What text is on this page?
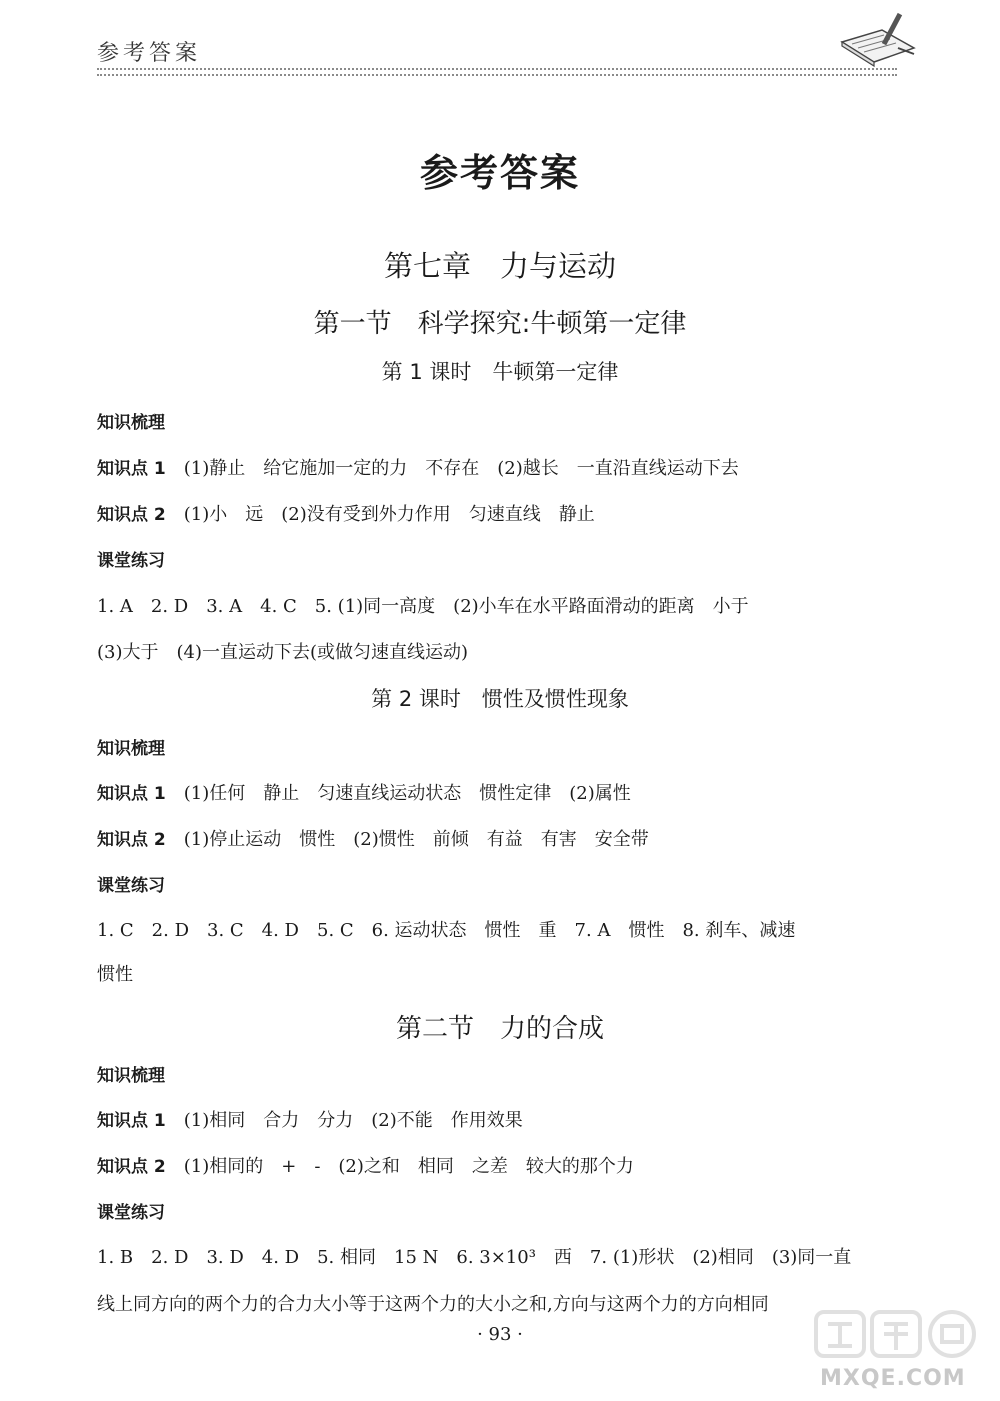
参考答案
参考答案
第七章　力与运动
第一节　科学探究:牛顿第一定律
第 1 课时　牛顿第一定律
知识梳理
知识点 1　 (1)静止　给它施加一定的力　不存在　(2)越长　一直沿直线运动下去
知识点 2　 (1)小　远　(2)没有受到外力作用　匀速直线　静止
课堂练习
1. A　2. D　3. A　4. C　5. (1)同一高度　(2)小车在水平路面滑动的距离　小于
(3)大于　(4)一直运动下去(或做匀速直线运动)
第 2 课时　惯性及惯性现象
知识梳理
知识点 1　 (1)任何　静止　匀速直线运动状态　惯性定律　(2)属性
知识点 2　 (1)停止运动　惯性　(2)惯性　前倾　有益　有害　安全带
课堂练习
1. C　2. D　3. C　4. D　5. C　6. 运动状态　惯性　重　7. A　惯性　8. 刹车、减速
惯性
第二节　力的合成
知识梳理
知识点 1　 (1)相同　合力　分力　(2)不能　作用效果
知识点 2　 (1)相同的　+　-　(2)之和　相同　之差　较大的那个力
课堂练习
1. B　2. D　3. D　4. D　5. 相同　15 N　6. 3×10³　西　7. (1)形状　(2)相同　(3)同一直
线上同方向的两个力的合力大小等于这两个力的大小之和,方向与这两个力的方向相同
· 93 ·
MXQE.COM
